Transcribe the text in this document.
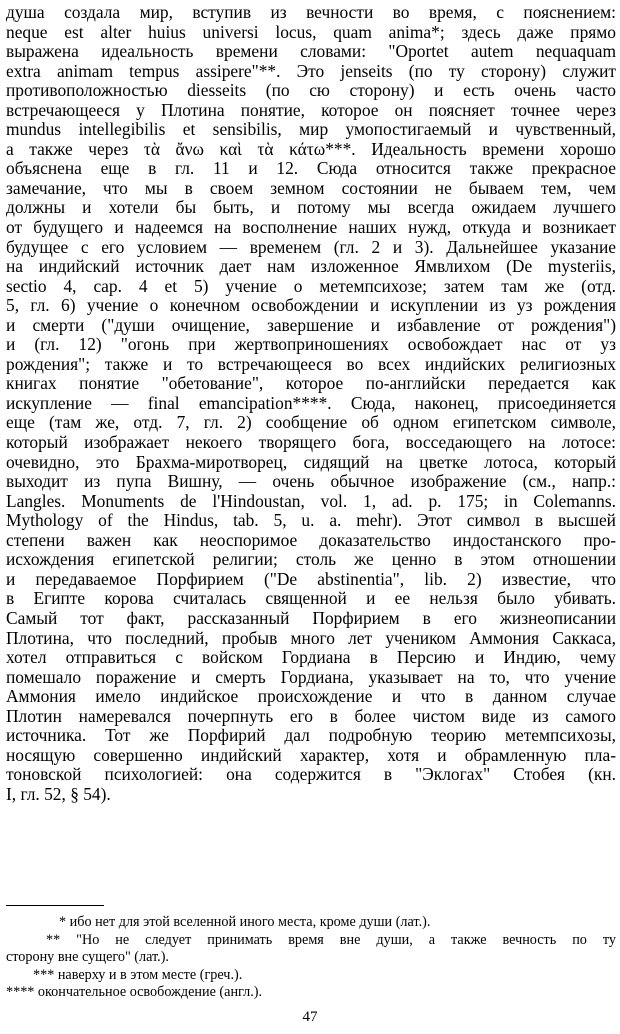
душа создала мир, вступив из вечности во время, с пояснением:
neque est alter huius universi locus, quam anima*; здесь даже прямо
выражена идеальность времени словами: "Oportet autem nequaquam
extra animam tempus assipere"**. Это jenseits (по ту сторону) служит
противоположностью diesseits (по сю сторону) и есть очень часто
встречающееся у Плотина понятие, которое он поясняет точнее через
mundus intellegibilis et sensibilis, мир умопостигаемый и чувственный,
а также через τὰ ἄνω καὶ τὰ κάτω***. Идеальность времени хорошо
объяснена еще в гл. 11 и 12. Сюда относится также прекрасное
замечание, что мы в своем земном состоянии не бываем тем, чем
должны и хотели бы быть, и потому мы всегда ожидаем лучшего
от будущего и надеемся на восполнение наших нужд, откуда и возникает
будущее с его условием — временем (гл. 2 и 3). Дальнейшее указание
на индийский источник дает нам изложенное Ямвлихом (De mysteriis,
sectio 4, cap. 4 et 5) учение о метемпсихозе; затем там же (отд.
5, гл. 6) учение о конечном освобождении и искуплении из уз рождения
и смерти ("души очищение, завершение и избавление от рождения")
и (гл. 12) "огонь при жертвоприношениях освобождает нас от уз
рождения"; также и то встречающееся во всех индийских религиозных
книгах понятие "обетование", которое по-английски передается как
искупление — final emancipation****. Сюда, наконец, присоединяется
еще (там же, отд. 7, гл. 2) сообщение об одном египетском символе,
который изображает некоего творящего бога, восседающего на лотосе:
очевидно, это Брахма-миротворец, сидящий на цветке лотоса, который
выходит из пупа Вишну, — очень обычное изображение (см., напр.:
Langles. Monuments de l'Hindoustan, vol. 1, ad. p. 175; in Colemanns.
Mythology of the Hindus, tab. 5, u. a. mehr). Этот символ в высшей
степени важен как неоспоримое доказательство индостанского про-
исхождения египетской религии; столь же ценно в этом отношении
и передаваемое Порфирием ("De abstinentia", lib. 2) известие, что
в Египте корова считалась священной и ее нельзя было убивать.
Самый тот факт, рассказанный Порфирием в его жизнеописании
Плотина, что последний, пробыв много лет учеником Аммония Саккаса,
хотел отправиться с войском Гордиана в Персию и Индию, чему
помешало поражение и смерть Гордиана, указывает на то, что учение
Аммония имело индийское происхождение и что в данном случае
Плотин намеревался почерпнуть его в более чистом виде из самого
источника. Тот же Порфирий дал подробную теорию метемпсихозы,
носящую совершенно индийский характер, хотя и обрамленную пла-
тоновской психологией: она содержится в "Эклогах" Стобея (кн.
I, гл. 52, § 54).
* ибо нет для этой вселенной иного места, кроме души (лат.).
** "Но не следует принимать время вне души, а также вечность по ту
сторону вне сущего" (лат.).
*** наверху и в этом месте (греч.).
**** окончательное освобождение (англ.).
47
